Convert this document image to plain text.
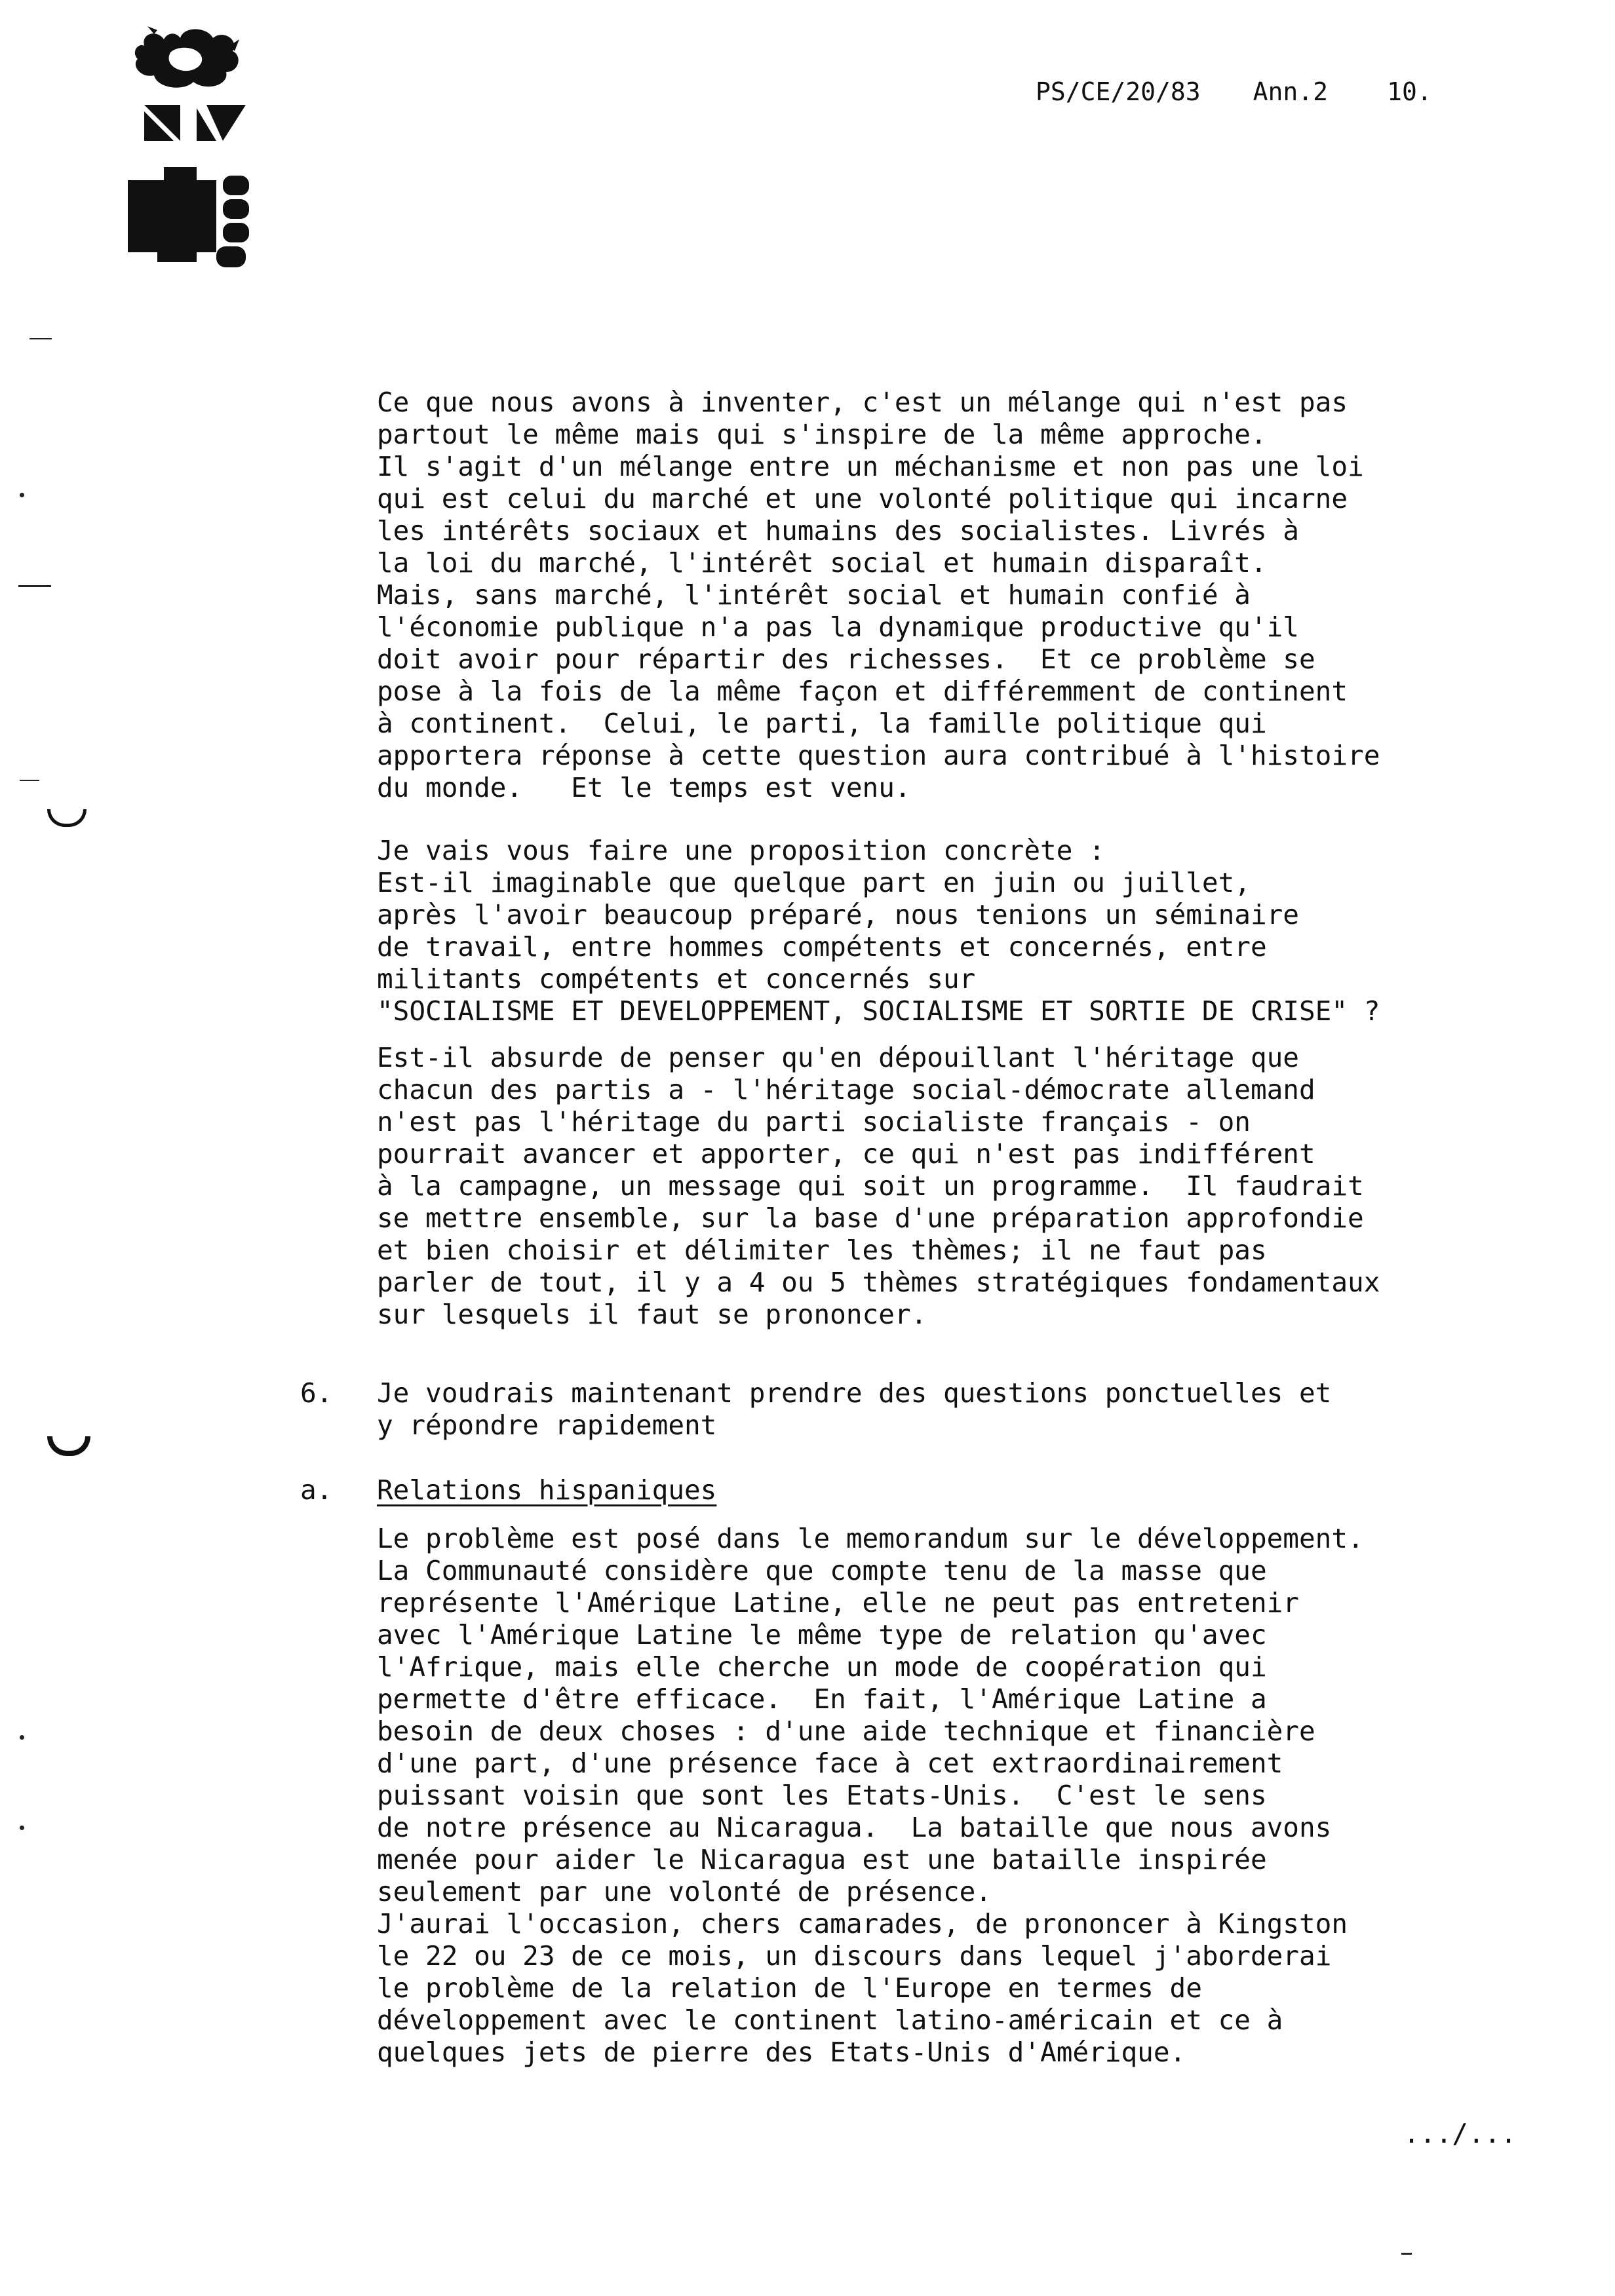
PS/CE/20/83 Ann.2 10.
Ce que nous avons à inventer, c'est un mélange qui n'est pas
partout le même mais qui s'inspire de la même approche.
Il s'agit d'un mélange entre un méchanisme et non pas une loi
qui est celui du marché et une volonté politique qui incarne
les intérêts sociaux et humains des socialistes. Livrés à
la loi du marché, l'intérêt social et humain disparaît.
Mais, sans marché, l'intérêt social et humain confié à
l'économie publique n'a pas la dynamique productive qu'il
doit avoir pour répartir des richesses.  Et ce problème se
pose à la fois de la même façon et différemment de continent
à continent.  Celui, le parti, la famille politique qui
apportera réponse à cette question aura contribué à l'histoire
du monde.   Et le temps est venu.
Je vais vous faire une proposition concrète :
Est-il imaginable que quelque part en juin ou juillet,
après l'avoir beaucoup préparé, nous tenions un séminaire
de travail, entre hommes compétents et concernés, entre
militants compétents et concernés sur
"SOCIALISME ET DEVELOPPEMENT, SOCIALISME ET SORTIE DE CRISE" ?
Est-il absurde de penser qu'en dépouillant l'héritage que
chacun des partis a - l'héritage social-démocrate allemand
n'est pas l'héritage du parti socialiste français - on
pourrait avancer et apporter, ce qui n'est pas indifférent
à la campagne, un message qui soit un programme.  Il faudrait
se mettre ensemble, sur la base d'une préparation approfondie
et bien choisir et délimiter les thèmes; il ne faut pas
parler de tout, il y a 4 ou 5 thèmes stratégiques fondamentaux
sur lesquels il faut se prononcer.
6. Je voudrais maintenant prendre des questions ponctuelles et
y répondre rapidement
a. Relations hispaniques
Le problème est posé dans le memorandum sur le développement.
La Communauté considère que compte tenu de la masse que
représente l'Amérique Latine, elle ne peut pas entretenir
avec l'Amérique Latine le même type de relation qu'avec
l'Afrique, mais elle cherche un mode de coopération qui
permette d'être efficace.  En fait, l'Amérique Latine a
besoin de deux choses : d'une aide technique et financière
d'une part, d'une présence face à cet extraordinairement
puissant voisin que sont les Etats-Unis.  C'est le sens
de notre présence au Nicaragua.  La bataille que nous avons
menée pour aider le Nicaragua est une bataille inspirée
seulement par une volonté de présence.
J'aurai l'occasion, chers camarades, de prononcer à Kingston
le 22 ou 23 de ce mois, un discours dans lequel j'aborderai
le problème de la relation de l'Europe en termes de
développement avec le continent latino-américain et ce à
quelques jets de pierre des Etats-Unis d'Amérique.
.../...
